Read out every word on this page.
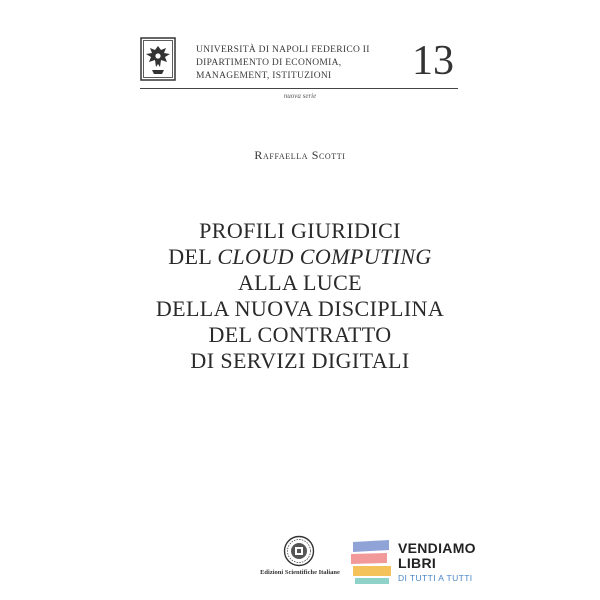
UNIVERSITÀ DI NAPOLI FEDERICO II
DIPARTIMENTO DI ECONOMIA,
MANAGEMENT, ISTITUZIONI	13
nuova serie
Raffaella Scotti
PROFILI GIURIDICI
DEL CLOUD COMPUTING
ALLA LUCE
DELLA NUOVA DISCIPLINA
DEL CONTRATTO
DI SERVIZI DIGITALI
Edizioni Scientifiche Italiane
VENDIAMO
LIBRI
DI TUTTI A TUTTI
